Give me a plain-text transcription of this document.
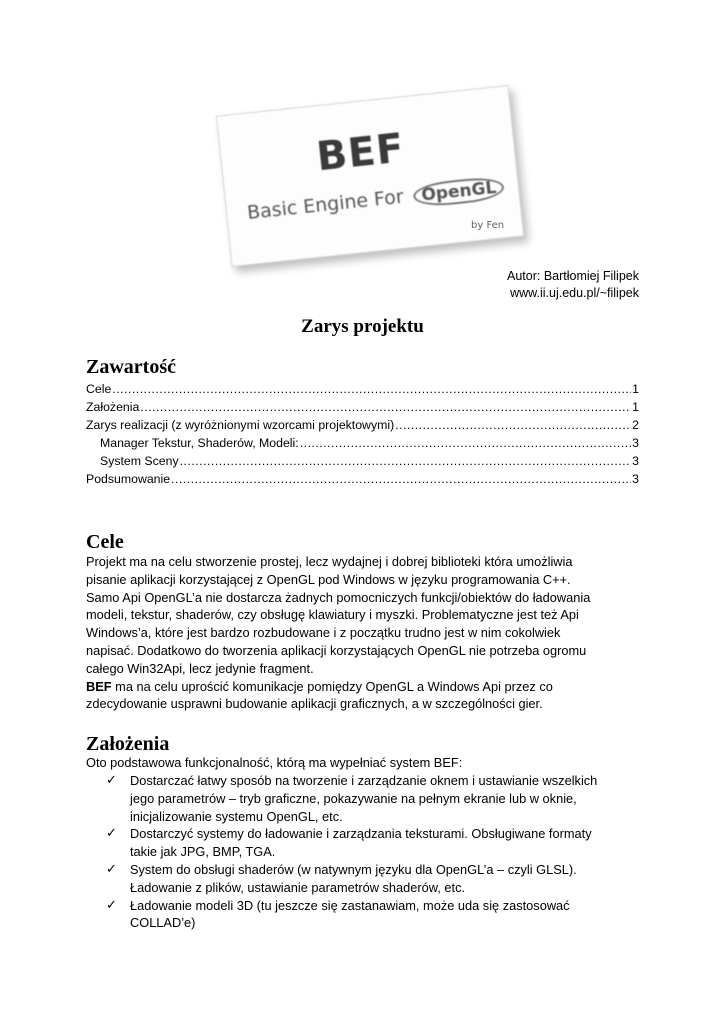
BEF
Basic Engine For OpenGL
by Fen
Autor: Bartłomiej Filipek
www.ii.uj.edu.pl/~filipek
Zarys projektu
Zawartość
Cele .....	1
Założenia .....	1
Zarys realizacji (z wyróżnionymi wzorcami projektowymi) .....	2
Manager Tekstur, Shaderów, Modeli: .....	3
System Sceny .....	3
Podsumowanie .....	3
Cele

Projekt ma na celu stworzenie prostej, lecz wydajnej i dobrej biblioteki która umożliwia

pisanie aplikacji korzystającej z OpenGL pod Windows w języku programowania C++.

Samo Api OpenGL’a nie dostarcza żadnych pomocniczych funkcji/obiektów do ładowania

modeli, tekstur, shaderów, czy obsługę klawiatury i myszki. Problematyczne jest też Api

Windows’a, które jest bardzo rozbudowane i z początku trudno jest w nim cokolwiek

napisać. Dodatkowo do tworzenia aplikacji korzystających OpenGL nie potrzeba ogromu

całego Win32Api, lecz jedynie fragment.

BEF ma na celu uprościć komunikacje pomiędzy OpenGL a Windows Api przez co

zdecydowanie usprawni budowanie aplikacji graficznych, a w szczególności gier.

Założenia
Oto podstawowa funkcjonalność, którą ma wypełniać system BEF:
✓ Dostarczać łatwy sposób na tworzenie i zarządzanie oknem i ustawianie wszelkich
jego parametrów – tryb graficzne, pokazywanie na pełnym ekranie lub w oknie,
inicjalizowanie systemu OpenGL, etc.
✓ Dostarczyć systemy do ładowanie i zarządzania teksturami. Obsługiwane formaty
takie jak JPG, BMP, TGA.
✓ System do obsługi shaderów (w natywnym języku dla OpenGL’a – czyli GLSL).
Ładowanie z plików, ustawianie parametrów shaderów, etc.
✓ Ładowanie modeli 3D (tu jeszcze się zastanawiam, może uda się zastosować
COLLAD’e)
